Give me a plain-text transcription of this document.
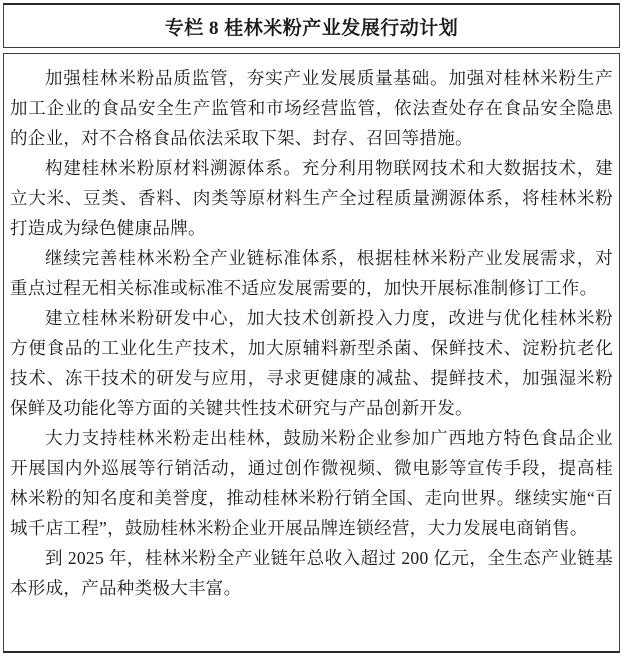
专栏 8 桂林米粉产业发展行动计划

加强桂林米粉品质监管，夯实产业发展质量基础。加强对桂林米粉生产加工企业的食品安全生产监管和市场经营监管，依法查处存在食品安全隐患的企业，对不合格食品依法采取下架、封存、召回等措施。

构建桂林米粉原材料溯源体系。充分利用物联网技术和大数据技术，建立大米、豆类、香料、肉类等原材料生产全过程质量溯源体系，将桂林米粉打造成为绿色健康品牌。

继续完善桂林米粉全产业链标准体系，根据桂林米粉产业发展需求，对重点过程无相关标准或标准不适应发展需要的，加快开展标准制修订工作。

建立桂林米粉研发中心，加大技术创新投入力度，改进与优化桂林米粉方便食品的工业化生产技术，加大原辅料新型杀菌、保鲜技术、淀粉抗老化技术、冻干技术的研发与应用，寻求更健康的减盐、提鲜技术，加强湿米粉保鲜及功能化等方面的关键共性技术研究与产品创新开发。

大力支持桂林米粉走出桂林，鼓励米粉企业参加广西地方特色食品企业开展国内外巡展等行销活动，通过创作微视频、微电影等宣传手段，提高桂林米粉的知名度和美誉度，推动桂林米粉行销全国、走向世界。继续实施“百城千店工程”，鼓励桂林米粉企业开展品牌连锁经营，大力发展电商销售。

到 2025 年，桂林米粉全产业链年总收入超过 200 亿元，全生态产业链基本形成，产品种类极大丰富。
